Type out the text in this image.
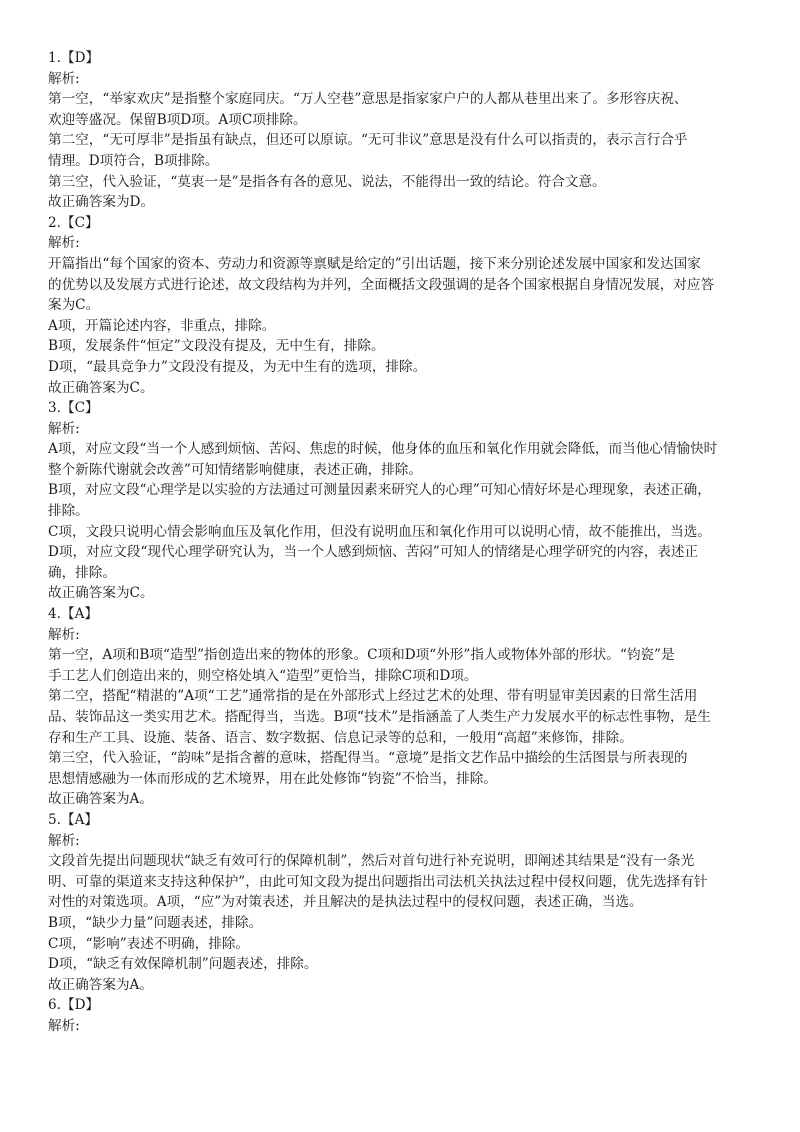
1.【D】
解析:
第一空，“举家欢庆”是指整个家庭同庆。“万人空巷”意思是指家家户户的人都从巷里出来了。多形容庆祝、
欢迎等盛况。保留B项D项。A项C项排除。
第二空，“无可厚非”是指虽有缺点，但还可以原谅。“无可非议”意思是没有什么可以指责的，表示言行合乎
情理。D项符合，B项排除。
第三空，代入验证，“莫衷一是”是指各有各的意见、说法，不能得出一致的结论。符合文意。
故正确答案为D。
2.【C】
解析:
开篇指出“每个国家的资本、劳动力和资源等禀赋是给定的”引出话题，接下来分别论述发展中国家和发达国家
的优势以及发展方式进行论述，故文段结构为并列，全面概括文段强调的是各个国家根据自身情况发展，对应答
案为C。
A项，开篇论述内容，非重点，排除。
B项，发展条件“恒定”文段没有提及，无中生有，排除。
D项，“最具竞争力”文段没有提及，为无中生有的选项，排除。
故正确答案为C。
3.【C】
解析:
A项，对应文段“当一个人感到烦恼、苦闷、焦虑的时候，他身体的血压和氧化作用就会降低，而当他心情愉快时
整个新陈代谢就会改善”可知情绪影响健康，表述正确，排除。
B项，对应文段“心理学是以实验的方法通过可测量因素来研究人的心理”可知心情好坏是心理现象，表述正确，
排除。
C项，文段只说明心情会影响血压及氧化作用，但没有说明血压和氧化作用可以说明心情，故不能推出，当选。
D项，对应文段“现代心理学研究认为，当一个人感到烦恼、苦闷”可知人的情绪是心理学研究的内容，表述正
确，排除。
故正确答案为C。
4.【A】
解析:
第一空，A项和B项“造型”指创造出来的物体的形象。C项和D项“外形”指人或物体外部的形状。“钧瓷”是
手工艺人们创造出来的，则空格处填入“造型”更恰当，排除C项和D项。
第二空，搭配“精湛的”A项“工艺”通常指的是在外部形式上经过艺术的处理、带有明显审美因素的日常生活用
品、装饰品这一类实用艺术。搭配得当，当选。B项“技术”是指涵盖了人类生产力发展水平的标志性事物，是生
存和生产工具、设施、装备、语言、数字数据、信息记录等的总和，一般用“高超”来修饰，排除。
第三空，代入验证，“韵味”是指含蓄的意味，搭配得当。“意境”是指文艺作品中描绘的生活图景与所表现的
思想情感融为一体而形成的艺术境界，用在此处修饰“钧瓷”不恰当，排除。
故正确答案为A。
5.【A】
解析:
文段首先提出问题现状“缺乏有效可行的保障机制”，然后对首句进行补充说明，即阐述其结果是“没有一条光
明、可靠的渠道来支持这种保护”，由此可知文段为提出问题指出司法机关执法过程中侵权问题，优先选择有针
对性的对策选项。A项，“应”为对策表述，并且解决的是执法过程中的侵权问题，表述正确，当选。
B项，“缺少力量”问题表述，排除。
C项，“影响”表述不明确，排除。
D项，“缺乏有效保障机制”问题表述，排除。
故正确答案为A。
6.【D】
解析:
